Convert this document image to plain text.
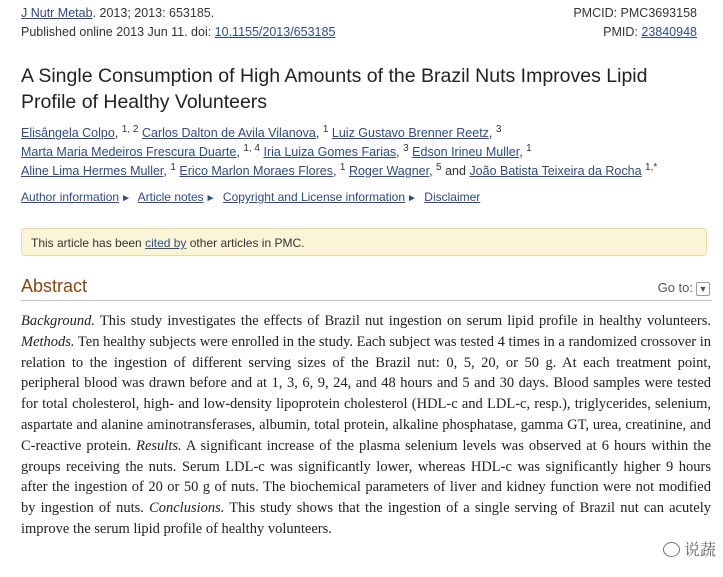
J Nutr Metab. 2013; 2013: 653185.
Published online 2013 Jun 11. doi: 10.1155/2013/653185
PMCID: PMC3693158
PMID: 23840948
A Single Consumption of High Amounts of the Brazil Nuts Improves Lipid Profile of Healthy Volunteers
Elisângela Colpo, $^{1, 2}$ Carlos Dalton de Avila Vilanova, $^1$ Luiz Gustavo Brenner Reetz, $^3$
Marta Maria Medeiros Frescura Duarte, $^{1, 4}$ Iria Luiza Gomes Farias, $^3$ Edson Irineu Muller, $^1$
Aline Lima Hermes Muller, $^1$ Erico Marlon Moraes Flores, $^1$ Roger Wagner, $^5$ and João Batista Teixeira da Rocha $^{1,*}$
Author information ► Article notes ► Copyright and License information ► Disclaimer
This article has been cited by other articles in PMC.
Abstract	Go to: ▼

Background. This study investigates the effects of Brazil nut ingestion on serum lipid profile in healthy volunteers. Methods. Ten healthy subjects were enrolled in the study. Each subject was tested 4 times in a randomized crossover in relation to the ingestion of different serving sizes of the Brazil nut: 0, 5, 20, or 50 g. At each treatment point, peripheral blood was drawn before and at 1, 3, 6, 9, 24, and 48 hours and 5 and 30 days. Blood samples were tested for total cholesterol, high- and low-density lipoprotein cholesterol (HDL-c and LDL-c, resp.), triglycerides, selenium, aspartate and alanine aminotransferases, albumin, total protein, alkaline phosphatase, gamma GT, urea, creatinine, and C-reactive protein. Results. A significant increase of the plasma selenium levels was observed at 6 hours within the groups receiving the nuts. Serum LDL-c was significantly lower, whereas HDL-c was significantly higher 9 hours after the ingestion of 20 or 50 g of nuts. The biochemical parameters of liver and kidney function were not modified by ingestion of nuts. Conclusions. This study shows that the ingestion of a single serving of Brazil nut can acutely improve the serum lipid profile of healthy volunteers.

说蔬
